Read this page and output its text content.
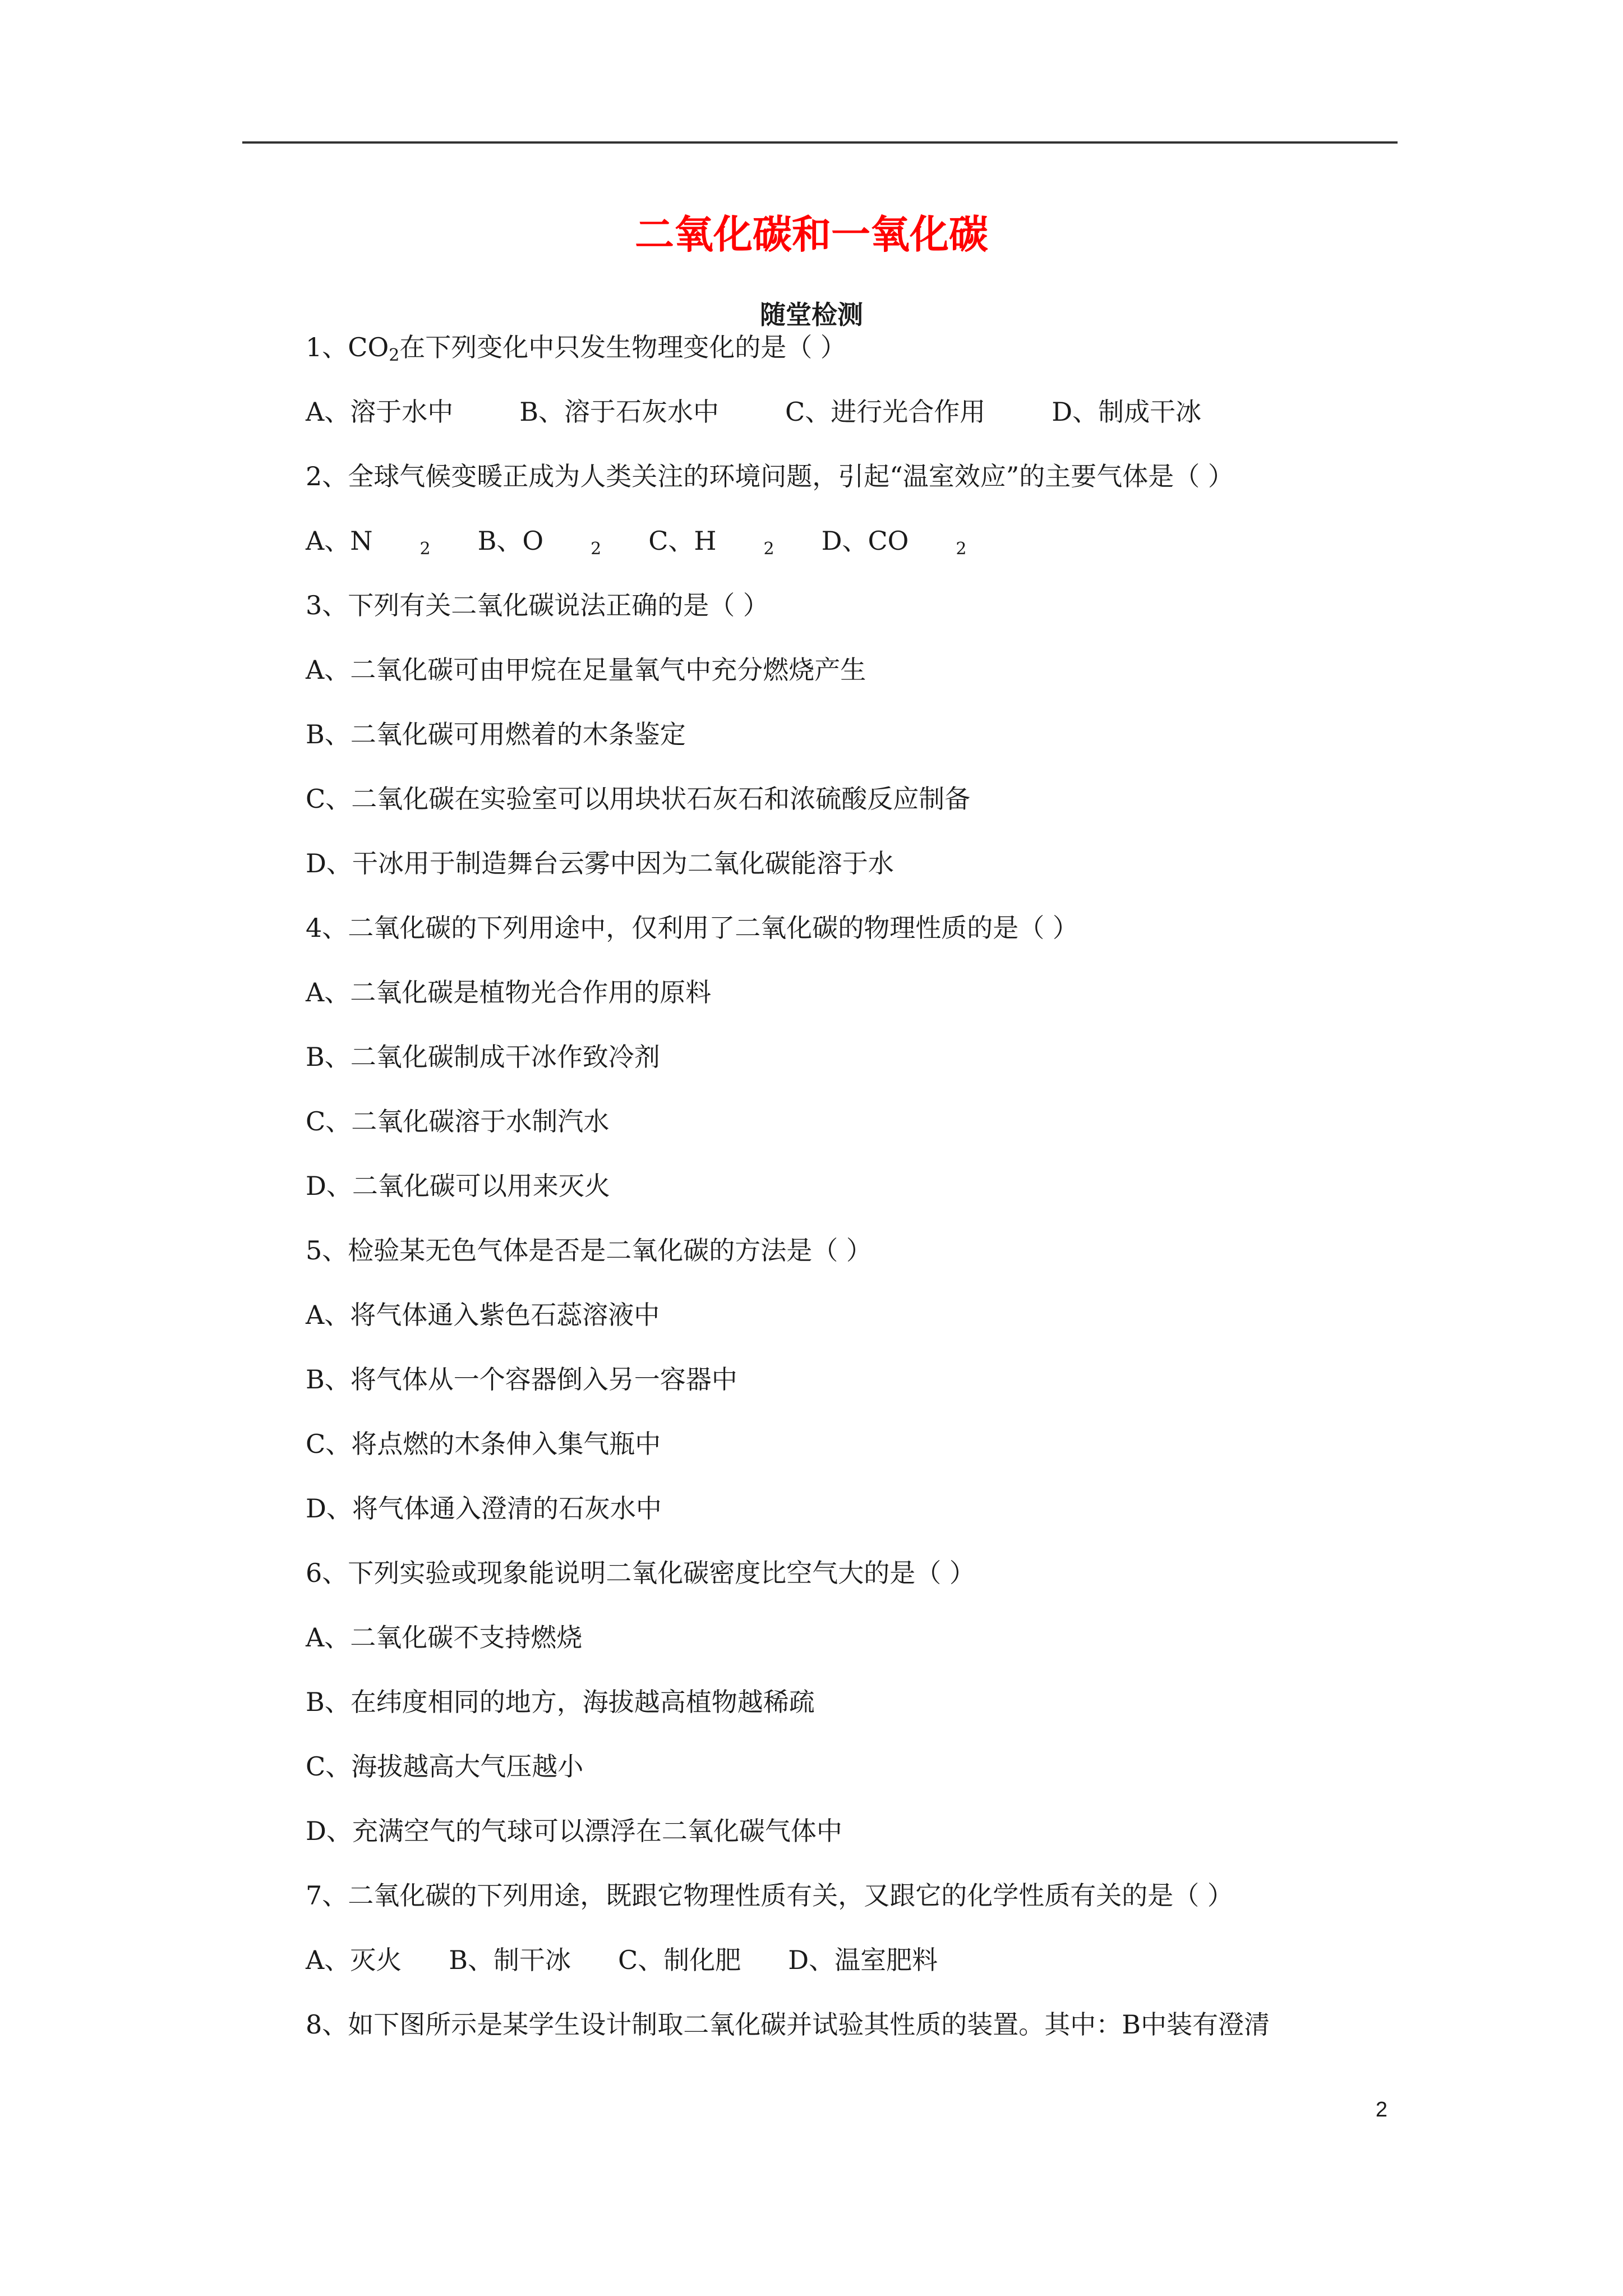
二氧化碳和一氧化碳
随堂检测
1、$CO_2$在下列变化中只发生物理变化的是（ ）
A、溶于水中	B、溶于石灰水中	C、进行光合作用	D、制成干冰
2、全球气候变暖正成为人类关注的环境问题，引起“温室效应”的主要气体是（ ）
A、N	$_2$ B、O	$_2$ C、H	$_2$ D、CO	$_2$
3、下列有关二氧化碳说法正确的是（ ）
A、二氧化碳可由甲烷在足量氧气中充分燃烧产生
B、二氧化碳可用燃着的木条鉴定
C、二氧化碳在实验室可以用块状石灰石和浓硫酸反应制备
D、干冰用于制造舞台云雾中因为二氧化碳能溶于水
4、二氧化碳的下列用途中，仅利用了二氧化碳的物理性质的是（ ）
A、二氧化碳是植物光合作用的原料
B、二氧化碳制成干冰作致冷剂
C、二氧化碳溶于水制汽水
D、二氧化碳可以用来灭火
5、检验某无色气体是否是二氧化碳的方法是（ ）
A、将气体通入紫色石蕊溶液中
B、将气体从一个容器倒入另一容器中
C、将点燃的木条伸入集气瓶中
D、将气体通入澄清的石灰水中
6、下列实验或现象能说明二氧化碳密度比空气大的是（ ）
A、二氧化碳不支持燃烧
B、在纬度相同的地方，海拔越高植物越稀疏
C、海拔越高大气压越小
D、充满空气的气球可以漂浮在二氧化碳气体中
7、二氧化碳的下列用途，既跟它物理性质有关，又跟它的化学性质有关的是（ ）
A、灭火 B、制干冰 C、制化肥 D、温室肥料
8、如下图所示是某学生设计制取二氧化碳并试验其性质的装置。其中：B中装有澄清
2
